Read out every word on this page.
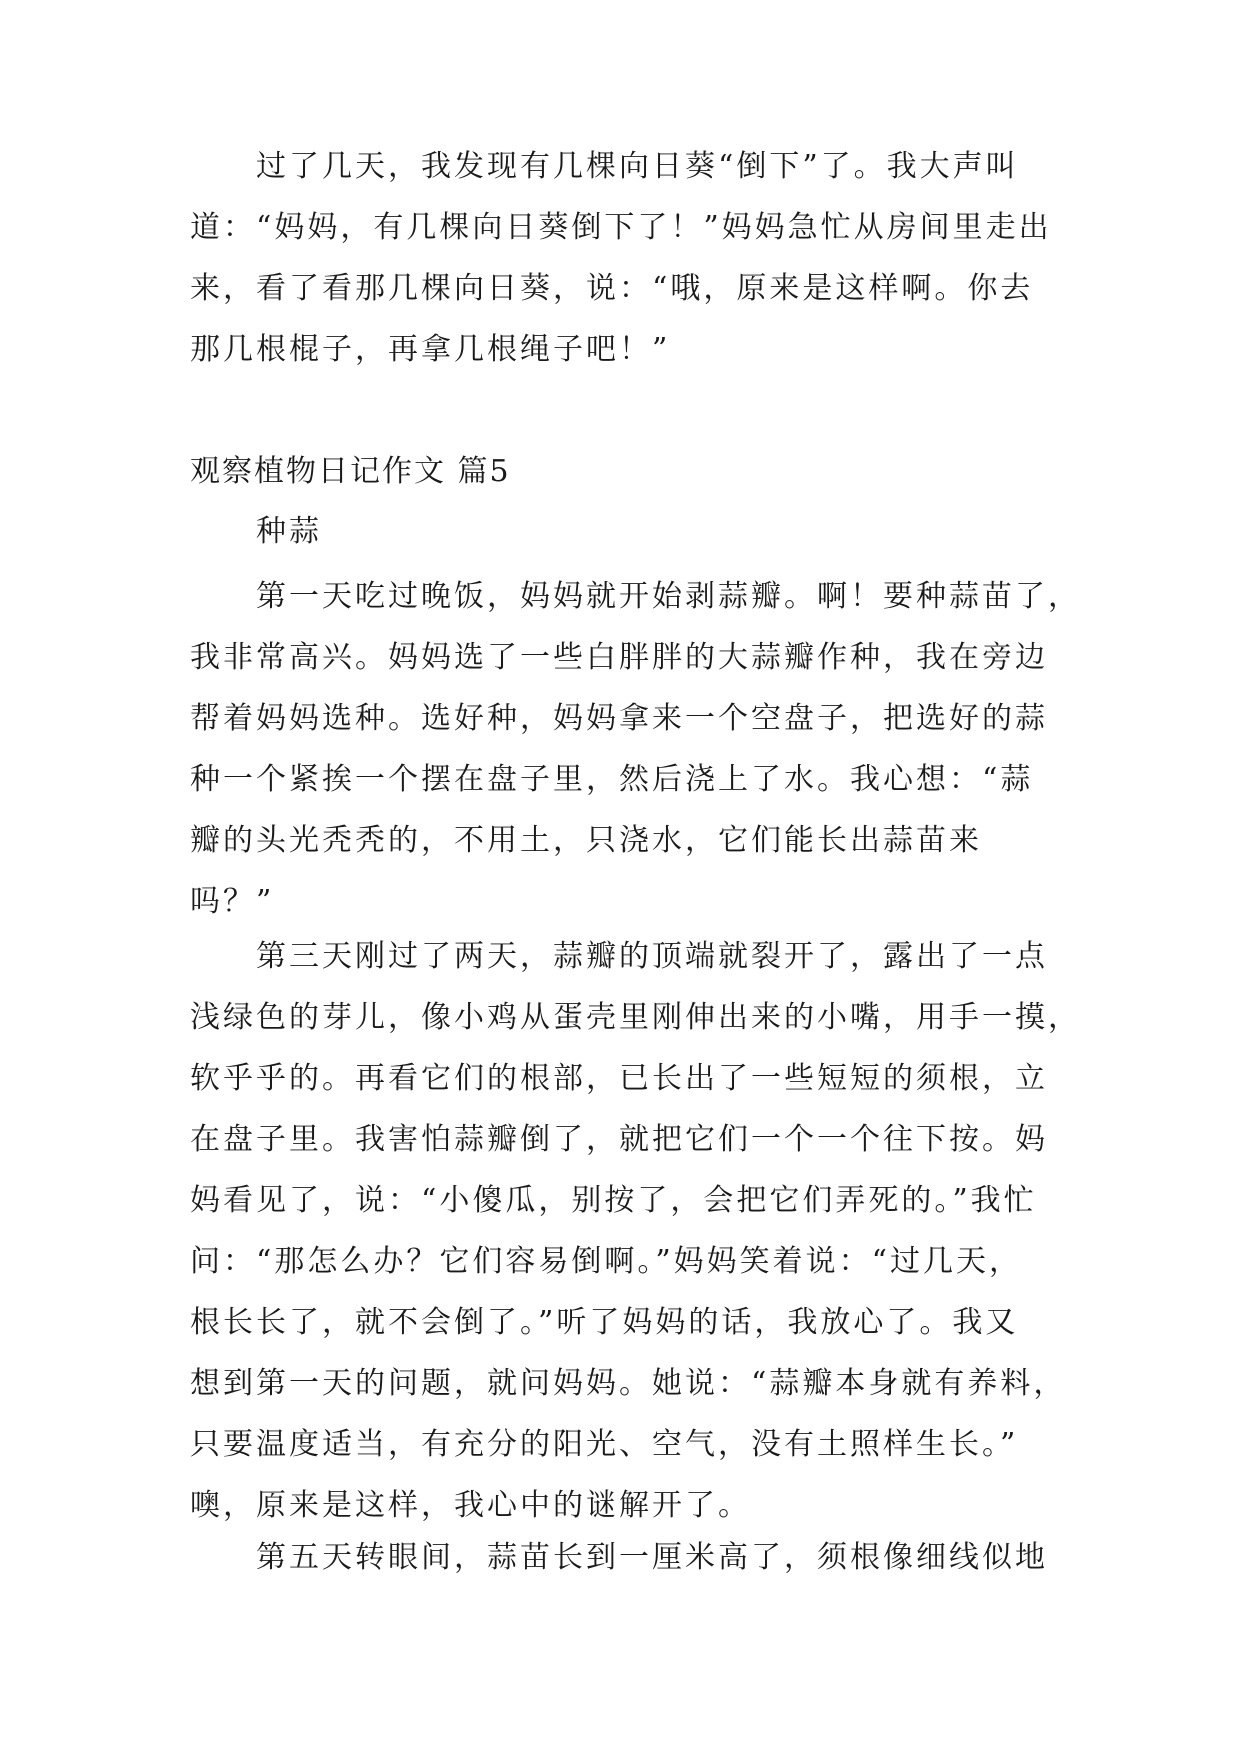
过了几天，我发现有几棵向日葵“倒下”了。我大声叫
道：“妈妈，有几棵向日葵倒下了！”妈妈急忙从房间里走出
来，看了看那几棵向日葵，说：“哦，原来是这样啊。你去
那几根棍子，再拿几根绳子吧！”

观察植物日记作文 篇5
种蒜

第一天吃过晚饭，妈妈就开始剥蒜瓣。啊！要种蒜苗了，
我非常高兴。妈妈选了一些白胖胖的大蒜瓣作种，我在旁边
帮着妈妈选种。选好种，妈妈拿来一个空盘子，把选好的蒜
种一个紧挨一个摆在盘子里，然后浇上了水。我心想：“蒜
瓣的头光秃秃的，不用土，只浇水，它们能长出蒜苗来
吗？”

第三天刚过了两天，蒜瓣的顶端就裂开了，露出了一点
浅绿色的芽儿，像小鸡从蛋壳里刚伸出来的小嘴，用手一摸，
软乎乎的。再看它们的根部，已长出了一些短短的须根，立
在盘子里。我害怕蒜瓣倒了，就把它们一个一个往下按。妈
妈看见了，说：“小傻瓜，别按了，会把它们弄死的。”我忙
问：“那怎么办？它们容易倒啊。”妈妈笑着说：“过几天，
根长长了，就不会倒了。”听了妈妈的话，我放心了。我又
想到第一天的问题，就问妈妈。她说：“蒜瓣本身就有养料，
只要温度适当，有充分的阳光、空气，没有土照样生长。”
噢，原来是这样，我心中的谜解开了。

第五天转眼间，蒜苗长到一厘米高了，须根像细线似地
